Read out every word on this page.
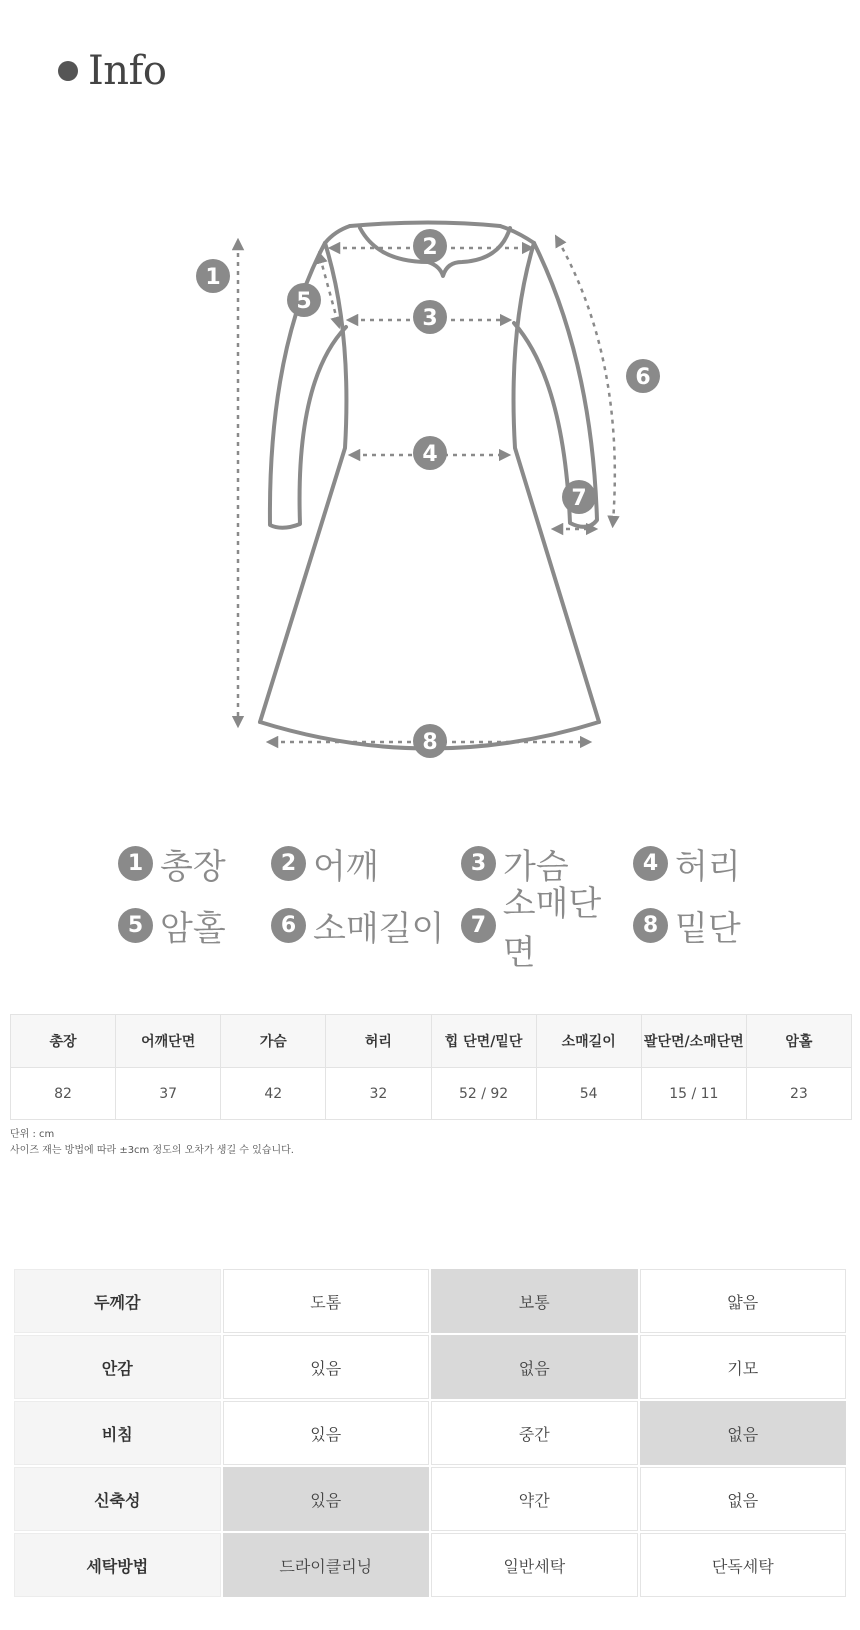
Info
1
2
3
4
5
6
7
8
1 총장	2 어깨	3 가슴	4 허리
5 암홀	6 소매길이	7
소매단면
8 밑단
총장	어깨단면	가슴	허리	힙 단면/밑단	소매길이	팔단면/소매단면	암홀
82	37	42	32	52 / 92	54	15 / 11	23
단위 : cm
사이즈 재는 방법에 따라 ±3cm 정도의 오차가 생길 수 있습니다.
두께감	도톰	보통	얇음
안감	있음	없음	기모
비침	있음	중간	없음
신축성	있음	약간	없음
세탁방법	드라이클리닝	일반세탁	단독세탁
